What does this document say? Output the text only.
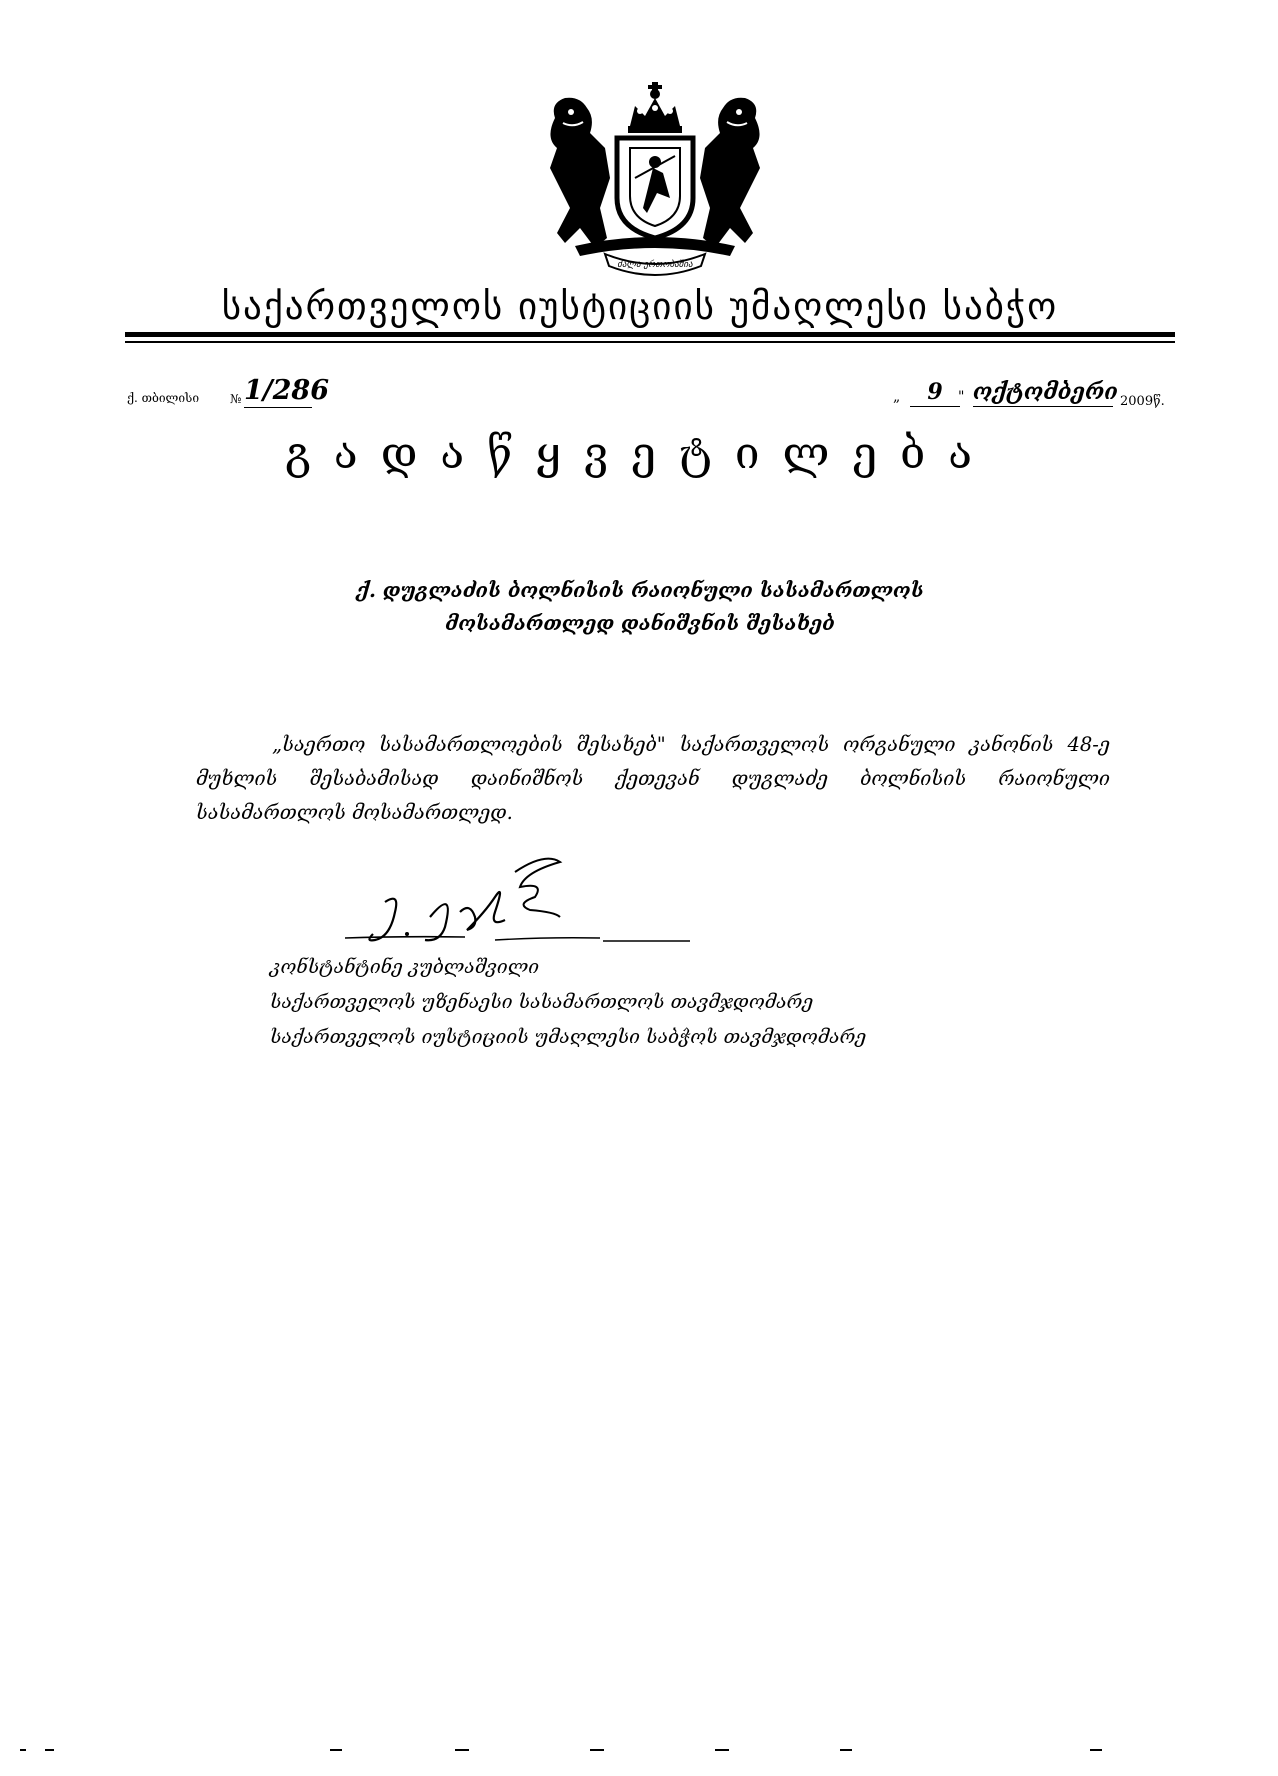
ძალა ერთობაშია
საქართველოს იუსტიციის უმაღლესი საბჭო
ქ. თბილისი	№ 1/286	„	9	" ოქტომბერი 2009წ.
გადაწყვეტილება
ქ. დუგლაძის ბოლნისის რაიონული სასამართლოს
მოსამართლედ დანიშვნის შესახებ
„საერთო სასამართლოების შესახებ" საქართველოს ორგანული კანონის 48-ე მუხლის შესაბამისად დაინიშნოს ქეთევან დუგლაძე ბოლნისის რაიონული სასამართლოს მოსამართლედ.
კონსტანტინე კუბლაშვილი
საქართველოს უზენაესი სასამართლოს თავმჯდომარე
საქართველოს იუსტიციის უმაღლესი საბჭოს თავმჯდომარე
